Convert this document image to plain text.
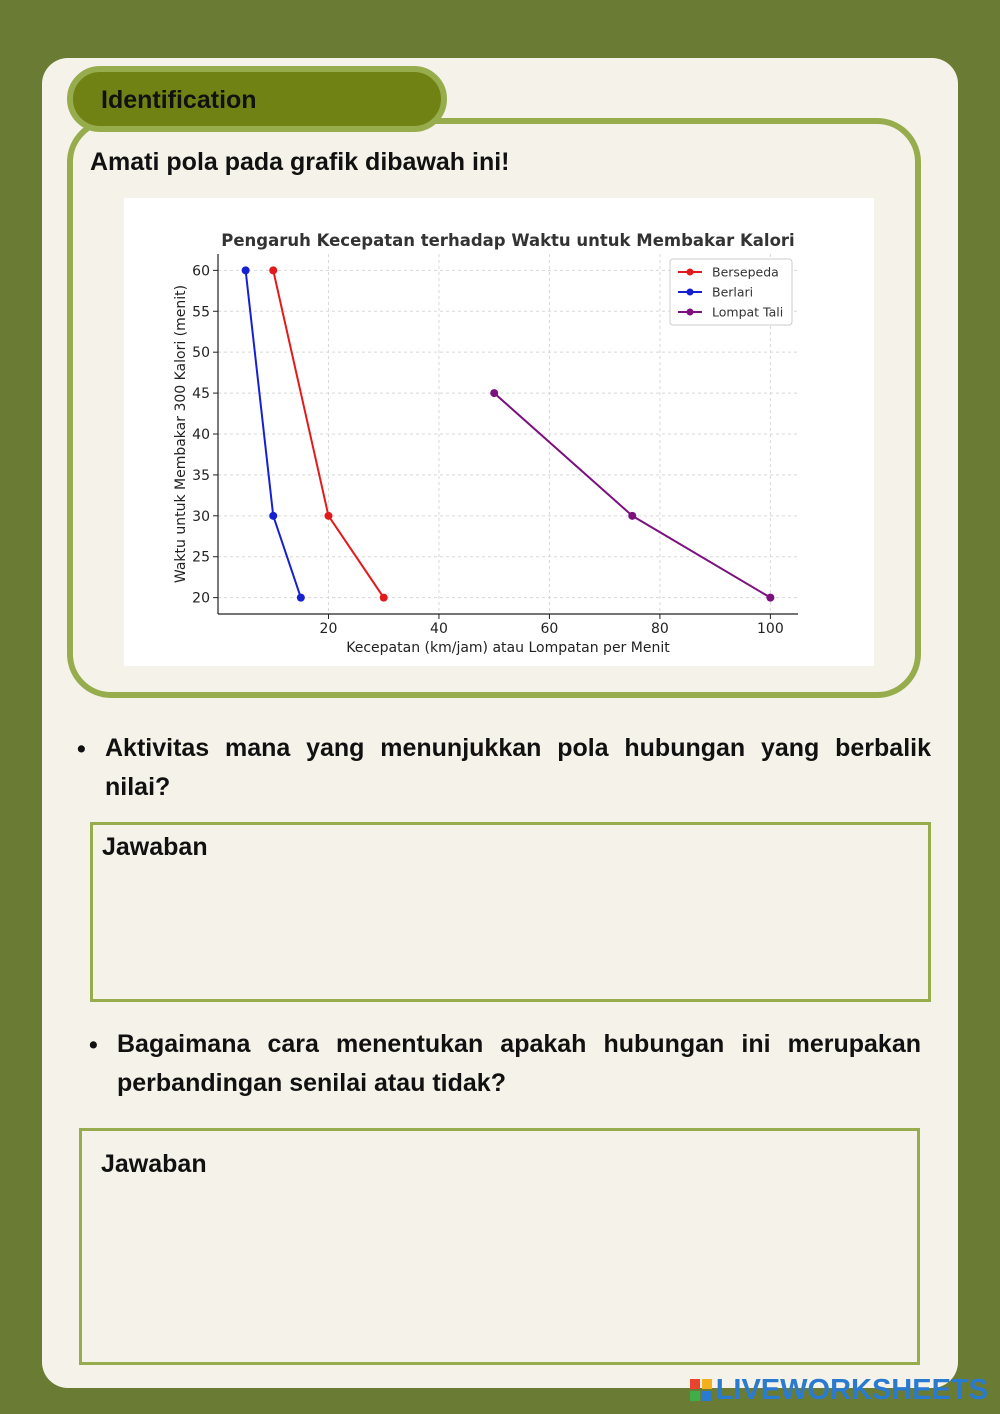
Identification
Amati pola pada grafik dibawah ini!
20	40	60	80	100
20
25
30
35
40
45
50
55
60
Pengaruh Kecepatan terhadap Waktu untuk Membakar Kalori
Kecepatan (km/jam) atau Lompatan per Menit
Waktu untuk Membakar 300 Kalori (menit)
Bersepeda
Berlari
Lompat Tali
• Aktivitas mana yang menunjukkan pola hubungan yang berbalik nilai?
Jawaban
• Bagaimana cara menentukan apakah hubungan ini merupakan perbandingan senilai atau tidak?
Jawaban
LIVEWORKSHEETS
